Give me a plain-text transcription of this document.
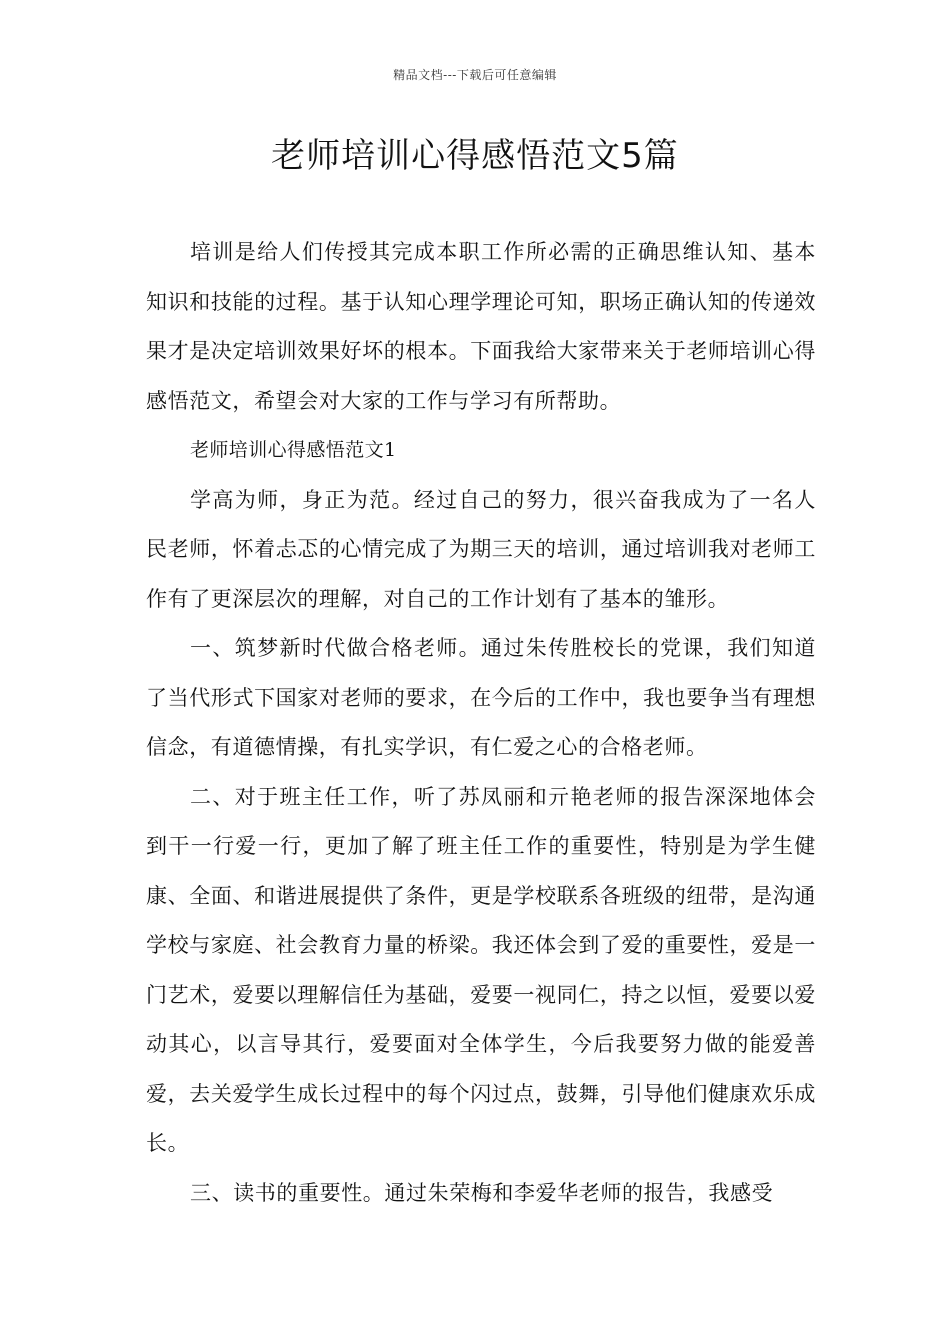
精品文档---下载后可任意编辑
老师培训心得感悟范文5篇

培训是给人们传授其完成本职工作所必需的正确思维认知、基本知识和技能的过程。基于认知心理学理论可知，职场正确认知的传递效果才是决定培训效果好坏的根本。下面我给大家带来关于老师培训心得感悟范文，希望会对大家的工作与学习有所帮助。

老师培训心得感悟范文1

学高为师，身正为范。经过自己的努力，很兴奋我成为了一名人民老师，怀着忐忑的心情完成了为期三天的培训，通过培训我对老师工作有了更深层次的理解，对自己的工作计划有了基本的雏形。

一、筑梦新时代做合格老师。通过朱传胜校长的党课，我们知道了当代形式下国家对老师的要求，在今后的工作中，我也要争当有理想信念，有道德情操，有扎实学识，有仁爱之心的合格老师。

二、对于班主任工作，听了苏凤丽和亓艳老师的报告深深地体会到干一行爱一行，更加了解了班主任工作的重要性，特别是为学生健康、全面、和谐进展提供了条件，更是学校联系各班级的纽带，是沟通学校与家庭、社会教育力量的桥梁。我还体会到了爱的重要性，爱是一门艺术，爱要以理解信任为基础，爱要一视同仁，持之以恒，爱要以爱动其心，以言导其行，爱要面对全体学生，今后我要努力做的能爱善爱，去关爱学生成长过程中的每个闪过点，鼓舞，引导他们健康欢乐成长。

三、读书的重要性。通过朱荣梅和李爱华老师的报告，我感受
